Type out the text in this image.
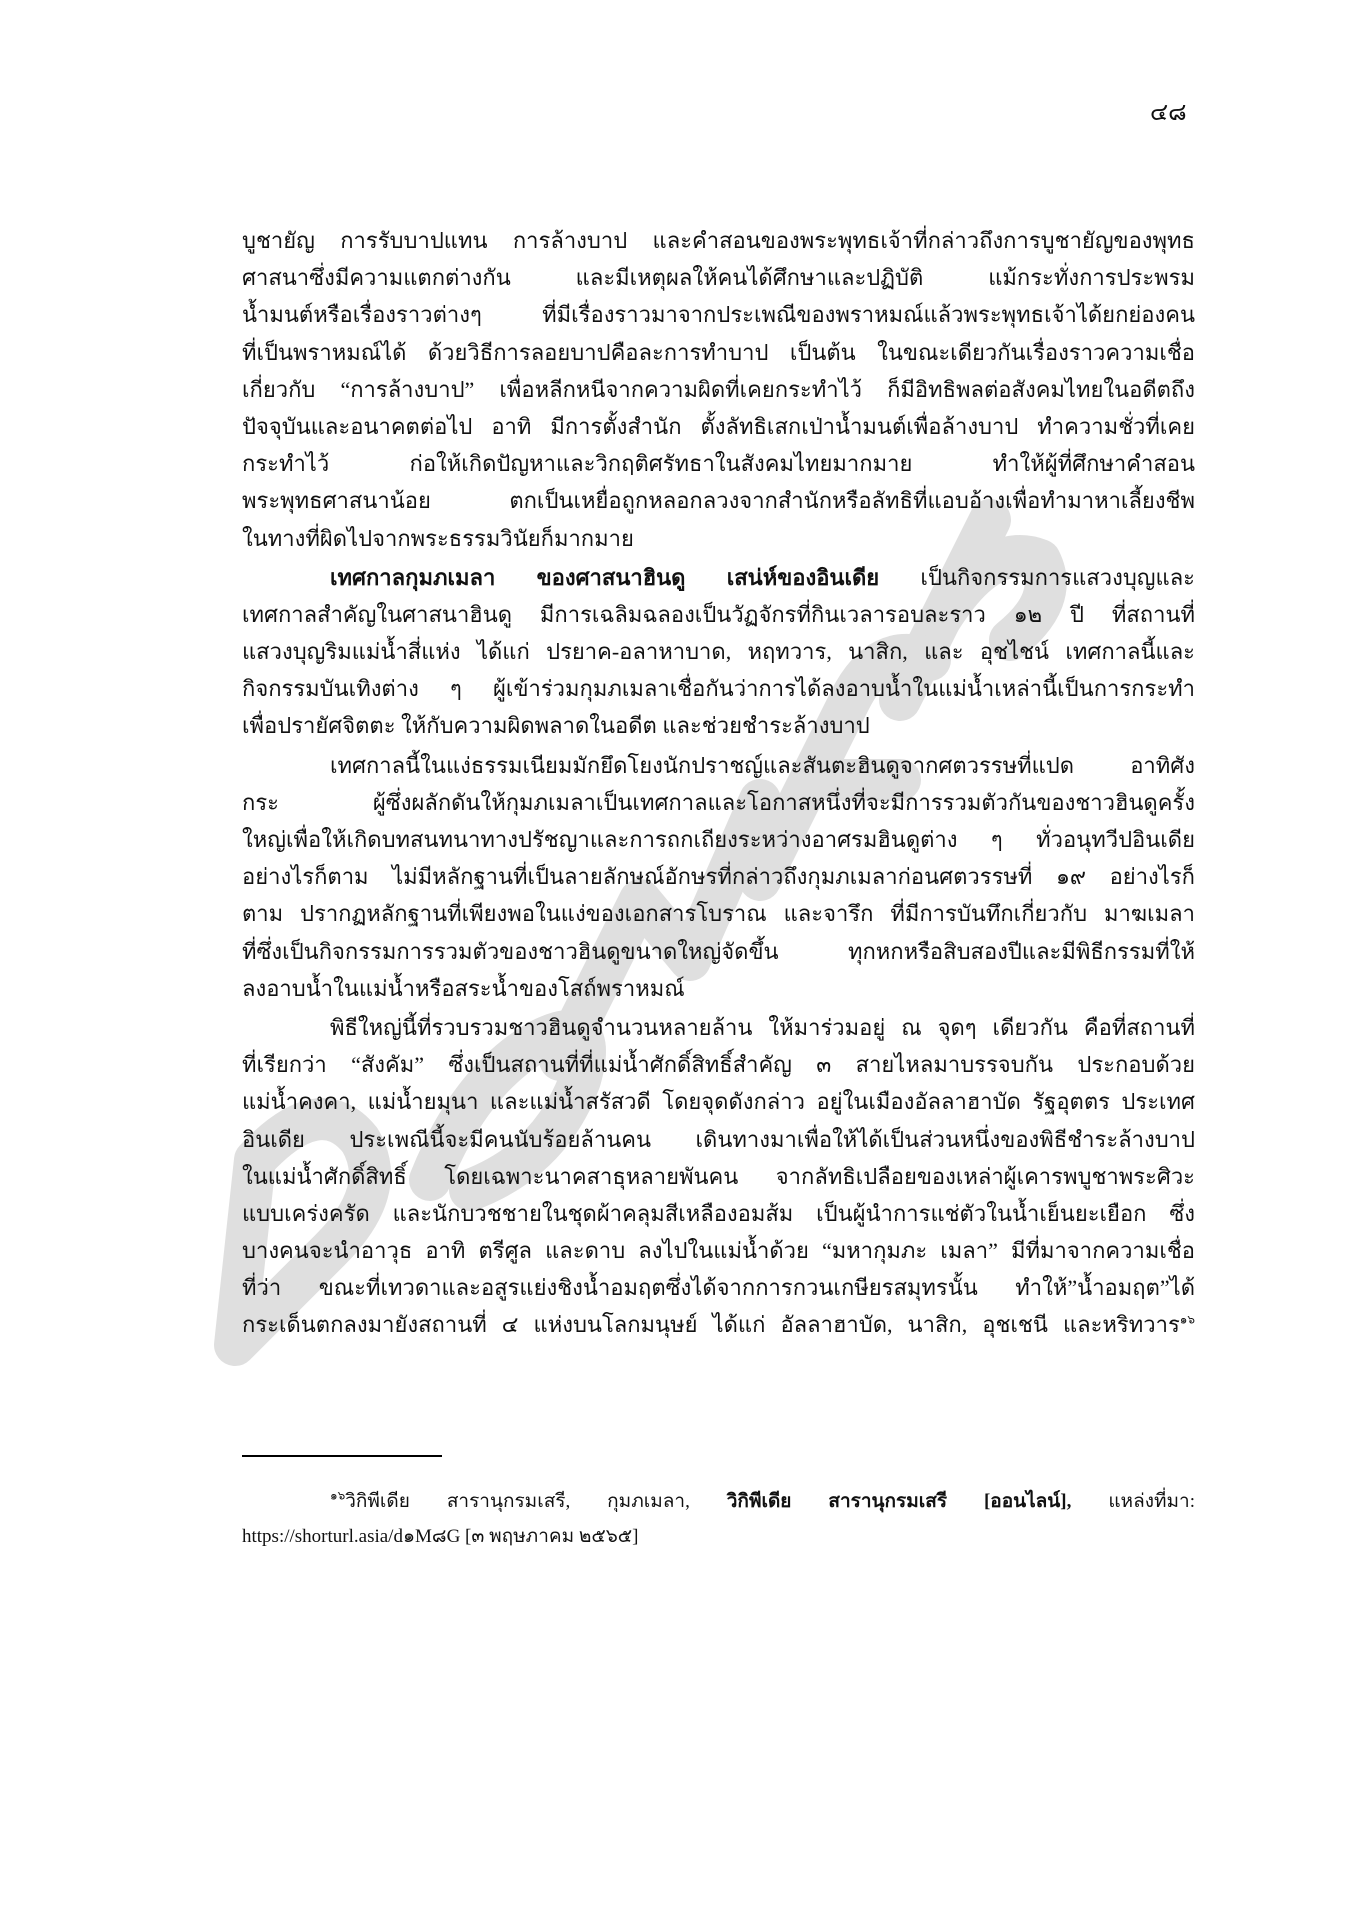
๔๘
บูชายัญ การรับบาปแทน การล้างบาป และคำสอนของพระพุทธเจ้าที่กล่าวถึงการบูชายัญของพุทธ
ศาสนาซึ่งมีความแตกต่างกัน และมีเหตุผลให้คนได้ศึกษาและปฏิบัติ แม้กระทั่งการประพรม
น้ำมนต์หรือเรื่องราวต่างๆ ที่มีเรื่องราวมาจากประเพณีของพราหมณ์แล้วพระพุทธเจ้าได้ยกย่องคน
ที่เป็นพราหมณ์ได้ ด้วยวิธีการลอยบาปคือละการทำบาป เป็นต้น ในขณะเดียวกันเรื่องราวความเชื่อ
เกี่ยวกับ “การล้างบาป” เพื่อหลีกหนีจากความผิดที่เคยกระทำไว้ ก็มีอิทธิพลต่อสังคมไทยในอดีตถึง
ปัจจุบันและอนาคตต่อไป อาทิ มีการตั้งสำนัก ตั้งลัทธิเสกเป่าน้ำมนต์เพื่อล้างบาป ทำความชั่วที่เคย
กระทำไว้ ก่อให้เกิดปัญหาและวิกฤติศรัทธาในสังคมไทยมากมาย ทำให้ผู้ที่ศึกษาคำสอน
พระพุทธศาสนาน้อย ตกเป็นเหยื่อถูกหลอกลวงจากสำนักหรือลัทธิที่แอบอ้างเพื่อทำมาหาเลี้ยงชีพ
ในทางที่ผิดไปจากพระธรรมวินัยก็มากมาย
เทศกาลกุมภเมลา ของศาสนาฮินดู เสน่ห์ของอินเดีย เป็นกิจกรรมการแสวงบุญและ
เทศกาลสำคัญในศาสนาฮินดู มีการเฉลิมฉลองเป็นวัฏจักรที่กินเวลารอบละราว ๑๒ ปี ที่สถานที่
แสวงบุญริมแม่น้ำสี่แห่ง ได้แก่ ปรยาค-อลาหาบาด, หฤทวาร, นาสิก, และ อุชไชน์ เทศกาลนี้และ
กิจกรรมบันเทิงต่าง ๆ ผู้เข้าร่วมกุมภเมลาเชื่อกันว่าการได้ลงอาบน้ำในแม่น้ำเหล่านี้เป็นการกระทำ
เพื่อปรายัศจิตตะ ให้กับความผิดพลาดในอดีต และช่วยชำระล้างบาป
เทศกาลนี้ในแง่ธรรมเนียมมักยึดโยงนักปราชญ์และสันตะฮินดูจากศตวรรษที่แปด อาทิศัง
กระ ผู้ซึ่งผลักดันให้กุมภเมลาเป็นเทศกาลและโอกาสหนึ่งที่จะมีการรวมตัวกันของชาวฮินดูครั้ง
ใหญ่เพื่อให้เกิดบทสนทนาทางปรัชญาและการถกเถียงระหว่างอาศรมฮินดูต่าง ๆ ทั่วอนุทวีปอินเดีย
อย่างไรก็ตาม ไม่มีหลักฐานที่เป็นลายลักษณ์อักษรที่กล่าวถึงกุมภเมลาก่อนศตวรรษที่ ๑๙ อย่างไรก็
ตาม ปรากฏหลักฐานที่เพียงพอในแง่ของเอกสารโบราณ และจารึก ที่มีการบันทึกเกี่ยวกับ มาฆเมลา
ที่ซึ่งเป็นกิจกรรมการรวมตัวของชาวฮินดูขนาดใหญ่จัดขึ้น ทุกหกหรือสิบสองปีและมีพิธีกรรมที่ให้
ลงอาบน้ำในแม่น้ำหรือสระน้ำของโสถ์พราหมณ์
พิธีใหญ่นี้ที่รวบรวมชาวฮินดูจำนวนหลายล้าน ให้มาร่วมอยู่ ณ จุดๆ เดียวกัน คือที่สถานที่
ที่เรียกว่า “สังคัม” ซึ่งเป็นสถานที่ที่แม่น้ำศักดิ์สิทธิ์สำคัญ ๓ สายไหลมาบรรจบกัน ประกอบด้วย
แม่น้ำคงคา, แม่น้ำยมุนา และแม่น้ำสรัสวดี โดยจุดดังกล่าว อยู่ในเมืองอัลลาฮาบัด รัฐอุตตร ประเทศ
อินเดีย ประเพณีนี้จะมีคนนับร้อยล้านคน เดินทางมาเพื่อให้ได้เป็นส่วนหนึ่งของพิธีชำระล้างบาป
ในแม่น้ำศักดิ์สิทธิ์ โดยเฉพาะนาคสาธุหลายพันคน จากลัทธิเปลือยของเหล่าผู้เคารพบูชาพระศิวะ
แบบเคร่งครัด และนักบวชชายในชุดผ้าคลุมสีเหลืองอมส้ม เป็นผู้นำการแช่ตัวในน้ำเย็นยะเยือก ซึ่ง
บางคนจะนำอาวุธ อาทิ ตรีศูล และดาบ ลงไปในแม่น้ำด้วย “มหากุมภะ เมลา” มีที่มาจากความเชื่อ
ที่ว่า ขณะที่เทวดาและอสูรแย่งชิงน้ำอมฤตซึ่งได้จากการกวนเกษียรสมุทรนั้น ทำให้”น้ำอมฤต”ได้
กระเด็นตกลงมายังสถานที่ ๔ แห่งบนโลกมนุษย์ ได้แก่ อัลลาฮาบัด, นาสิก, อุชเชนี และหริทวาร$^{๑๖}$
$^{๑๖}$วิกิพีเดีย สารานุกรมเสรี, กุมภเมลา, วิกิพีเดีย สารานุกรมเสรี [ออนไลน์], แหล่งที่มา:
https://shorturl.asia/d๑M๘G [๓ พฤษภาคม ๒๕๖๕]
